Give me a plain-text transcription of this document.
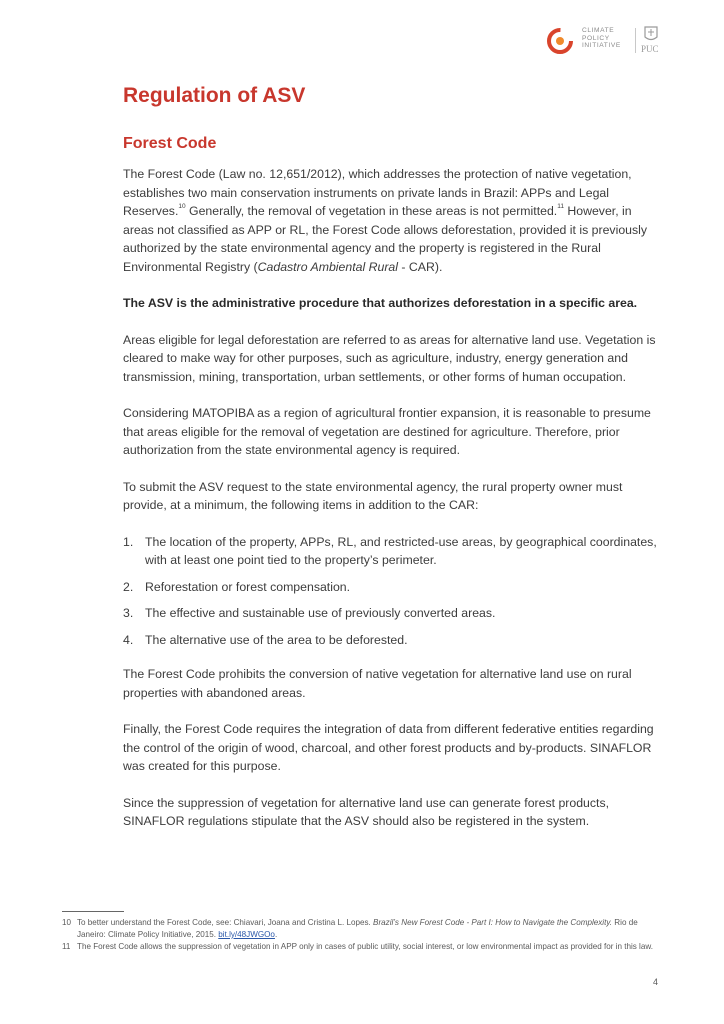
CLIMATE
POLICY
INITIATIVE PUC
Regulation of ASV
Forest Code

The Forest Code (Law no. 12,651/2012), which addresses the protection of native vegetation, establishes two main conservation instruments on private lands in Brazil: APPs and Legal Reserves.$^{10}$ Generally, the removal of vegetation in these areas is not permitted.$^{11}$ However, in areas not classified as APP or RL, the Forest Code allows deforestation, provided it is previously authorized by the state environmental agency and the property is registered in the Rural Environmental Registry (Cadastro Ambiental Rural - CAR).

The ASV is the administrative procedure that authorizes deforestation in a specific area.

Areas eligible for legal deforestation are referred to as areas for alternative land use. Vegetation is cleared to make way for other purposes, such as agriculture, industry, energy generation and transmission, mining, transportation, urban settlements, or other forms of human occupation.

Considering MATOPIBA as a region of agricultural frontier expansion, it is reasonable to presume that areas eligible for the removal of vegetation are destined for agriculture. Therefore, prior authorization from the state environmental agency is required.

To submit the ASV request to the state environmental agency, the rural property owner must provide, at a minimum, the following items in addition to the CAR:

1. The location of the property, APPs, RL, and restricted-use areas, by geographical coordinates, with at least one point tied to the property’s perimeter.
2. Reforestation or forest compensation.
3. The effective and sustainable use of previously converted areas.
4. The alternative use of the area to be deforested.

The Forest Code prohibits the conversion of native vegetation for alternative land use on rural properties with abandoned areas.

Finally, the Forest Code requires the integration of data from different federative entities regarding the control of the origin of wood, charcoal, and other forest products and by-products. SINAFLOR was created for this purpose.

Since the suppression of vegetation for alternative land use can generate forest products, SINAFLOR regulations stipulate that the ASV should also be registered in the system.

10 To better understand the Forest Code, see: Chiavari, Joana and Cristina L. Lopes. Brazil’s New Forest Code - Part I: How to Navigate the Complexity. Rio de Janeiro: Climate Policy Initiative, 2015. bit.ly/48JWGOo.
11 The Forest Code allows the suppression of vegetation in APP only in cases of public utility, social interest, or low environmental impact as provided for in this law.
4
